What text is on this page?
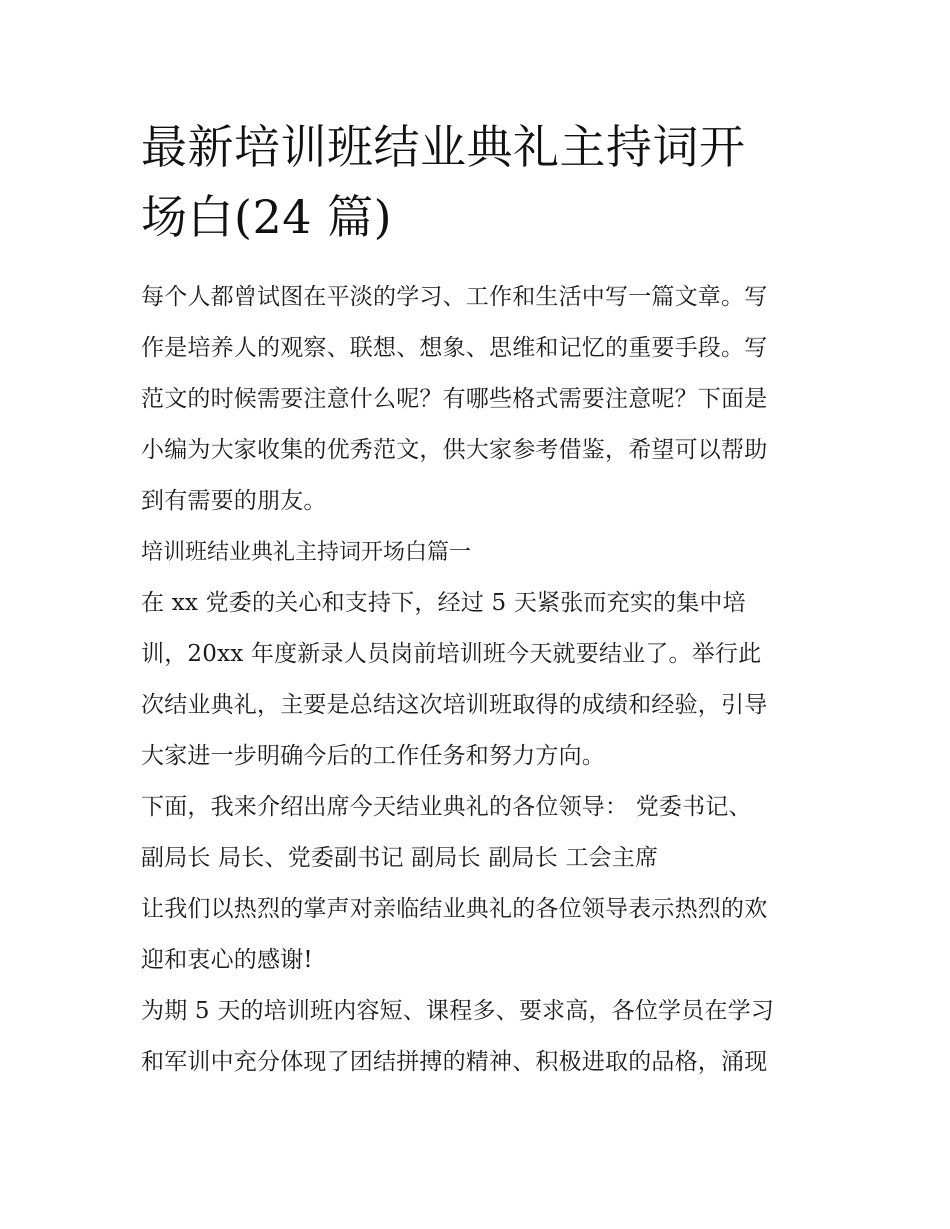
最新培训班结业典礼主持词开
场白(24 篇)

每个人都曾试图在平淡的学习、工作和生活中写一篇文章。写
作是培养人的观察、联想、想象、思维和记忆的重要手段。写
范文的时候需要注意什么呢？有哪些格式需要注意呢？下面是
小编为大家收集的优秀范文，供大家参考借鉴，希望可以帮助
到有需要的朋友。

培训班结业典礼主持词开场白篇一

在 xx 党委的关心和支持下，经过 5 天紧张而充实的集中培
训，20xx 年度新录人员岗前培训班今天就要结业了。举行此
次结业典礼，主要是总结这次培训班取得的成绩和经验，引导
大家进一步明确今后的工作任务和努力方向。

下面，我来介绍出席今天结业典礼的各位领导： 党委书记、
副局长 局长、党委副书记 副局长 副局长 工会主席

让我们以热烈的掌声对亲临结业典礼的各位领导表示热烈的欢
迎和衷心的感谢!

为期 5 天的培训班内容短、课程多、要求高，各位学员在学习
和军训中充分体现了团结拼搏的精神、积极进取的品格，涌现
